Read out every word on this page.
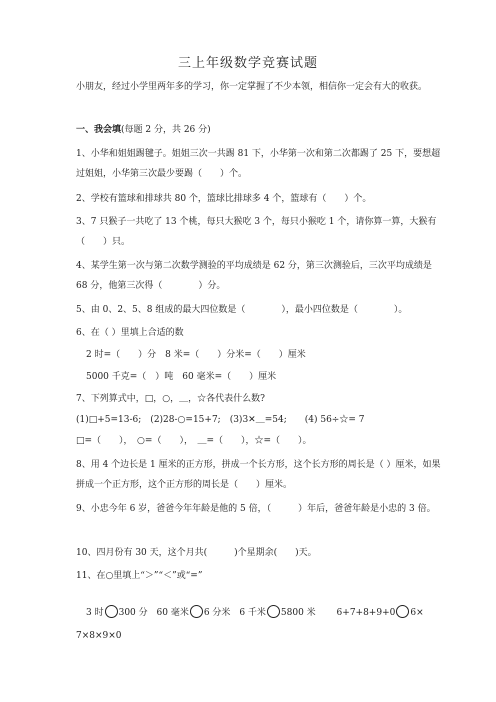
三上年级数学竞赛试题
小朋友，经过小学里两年多的学习，你一定掌握了不少本领，相信你一定会有大的收获。
一、我会填(每题 2 分，共 26 分)
1、小华和姐姐踢毽子。姐姐三次一共踢 81 下，小华第一次和第二次都踢了 25 下，要想超过姐姐，小华第三次最少要踢（　　）个。
2、学校有篮球和排球共 80 个，篮球比排球多 4 个，篮球有（　　）个。
3、7 只猴子一共吃了 13 个桃，每只大猴吃 3 个，每只小猴吃 1 个，请你算一算，大猴有（　　）只。
4、某学生第一次与第二次数学测验的平均成绩是 62 分，第三次测验后，三次平均成绩是 68 分，他第三次得（　　　　）分。
5、由 0、2、5、8 组成的最大四位数是（　　　　），最小四位数是（　　　　）。
6、在（ ）里填上合适的数
2 时=（　　）分　8 米=（　　）分米=（　　）厘米
5000 千克=（　）吨　60 毫米=（　　）厘米
7、下列算式中，□，○，＿，☆各代表什么数?
(1)□+5=13-6;　(2)28-○=15+7;　(3)3✕＿=54;　　(4) 56÷☆= 7
□=（　　），　○=（　　），　＿=（　　），☆=（　　）。
8、用 4 个边长是 1 厘米的正方形，拼成一个长方形，这个长方形的周长是（ ）厘米，如果拼成一个正方形，这个正方形的周长是（　　）厘米。
9、小忠今年 6 岁，爸爸今年年龄是他的 5 倍，（　　　）年后，爸爸年龄是小忠的 3 倍。
10、四月份有 30 天，这个月共(　　　)个星期余(　　)天。
11、在○里填上“＞”“＜”或“=”
3 时 300 分 60 毫米 6 分米 6 千米 5800 米 6+7+8+9+0 6×
7×8×9×0
